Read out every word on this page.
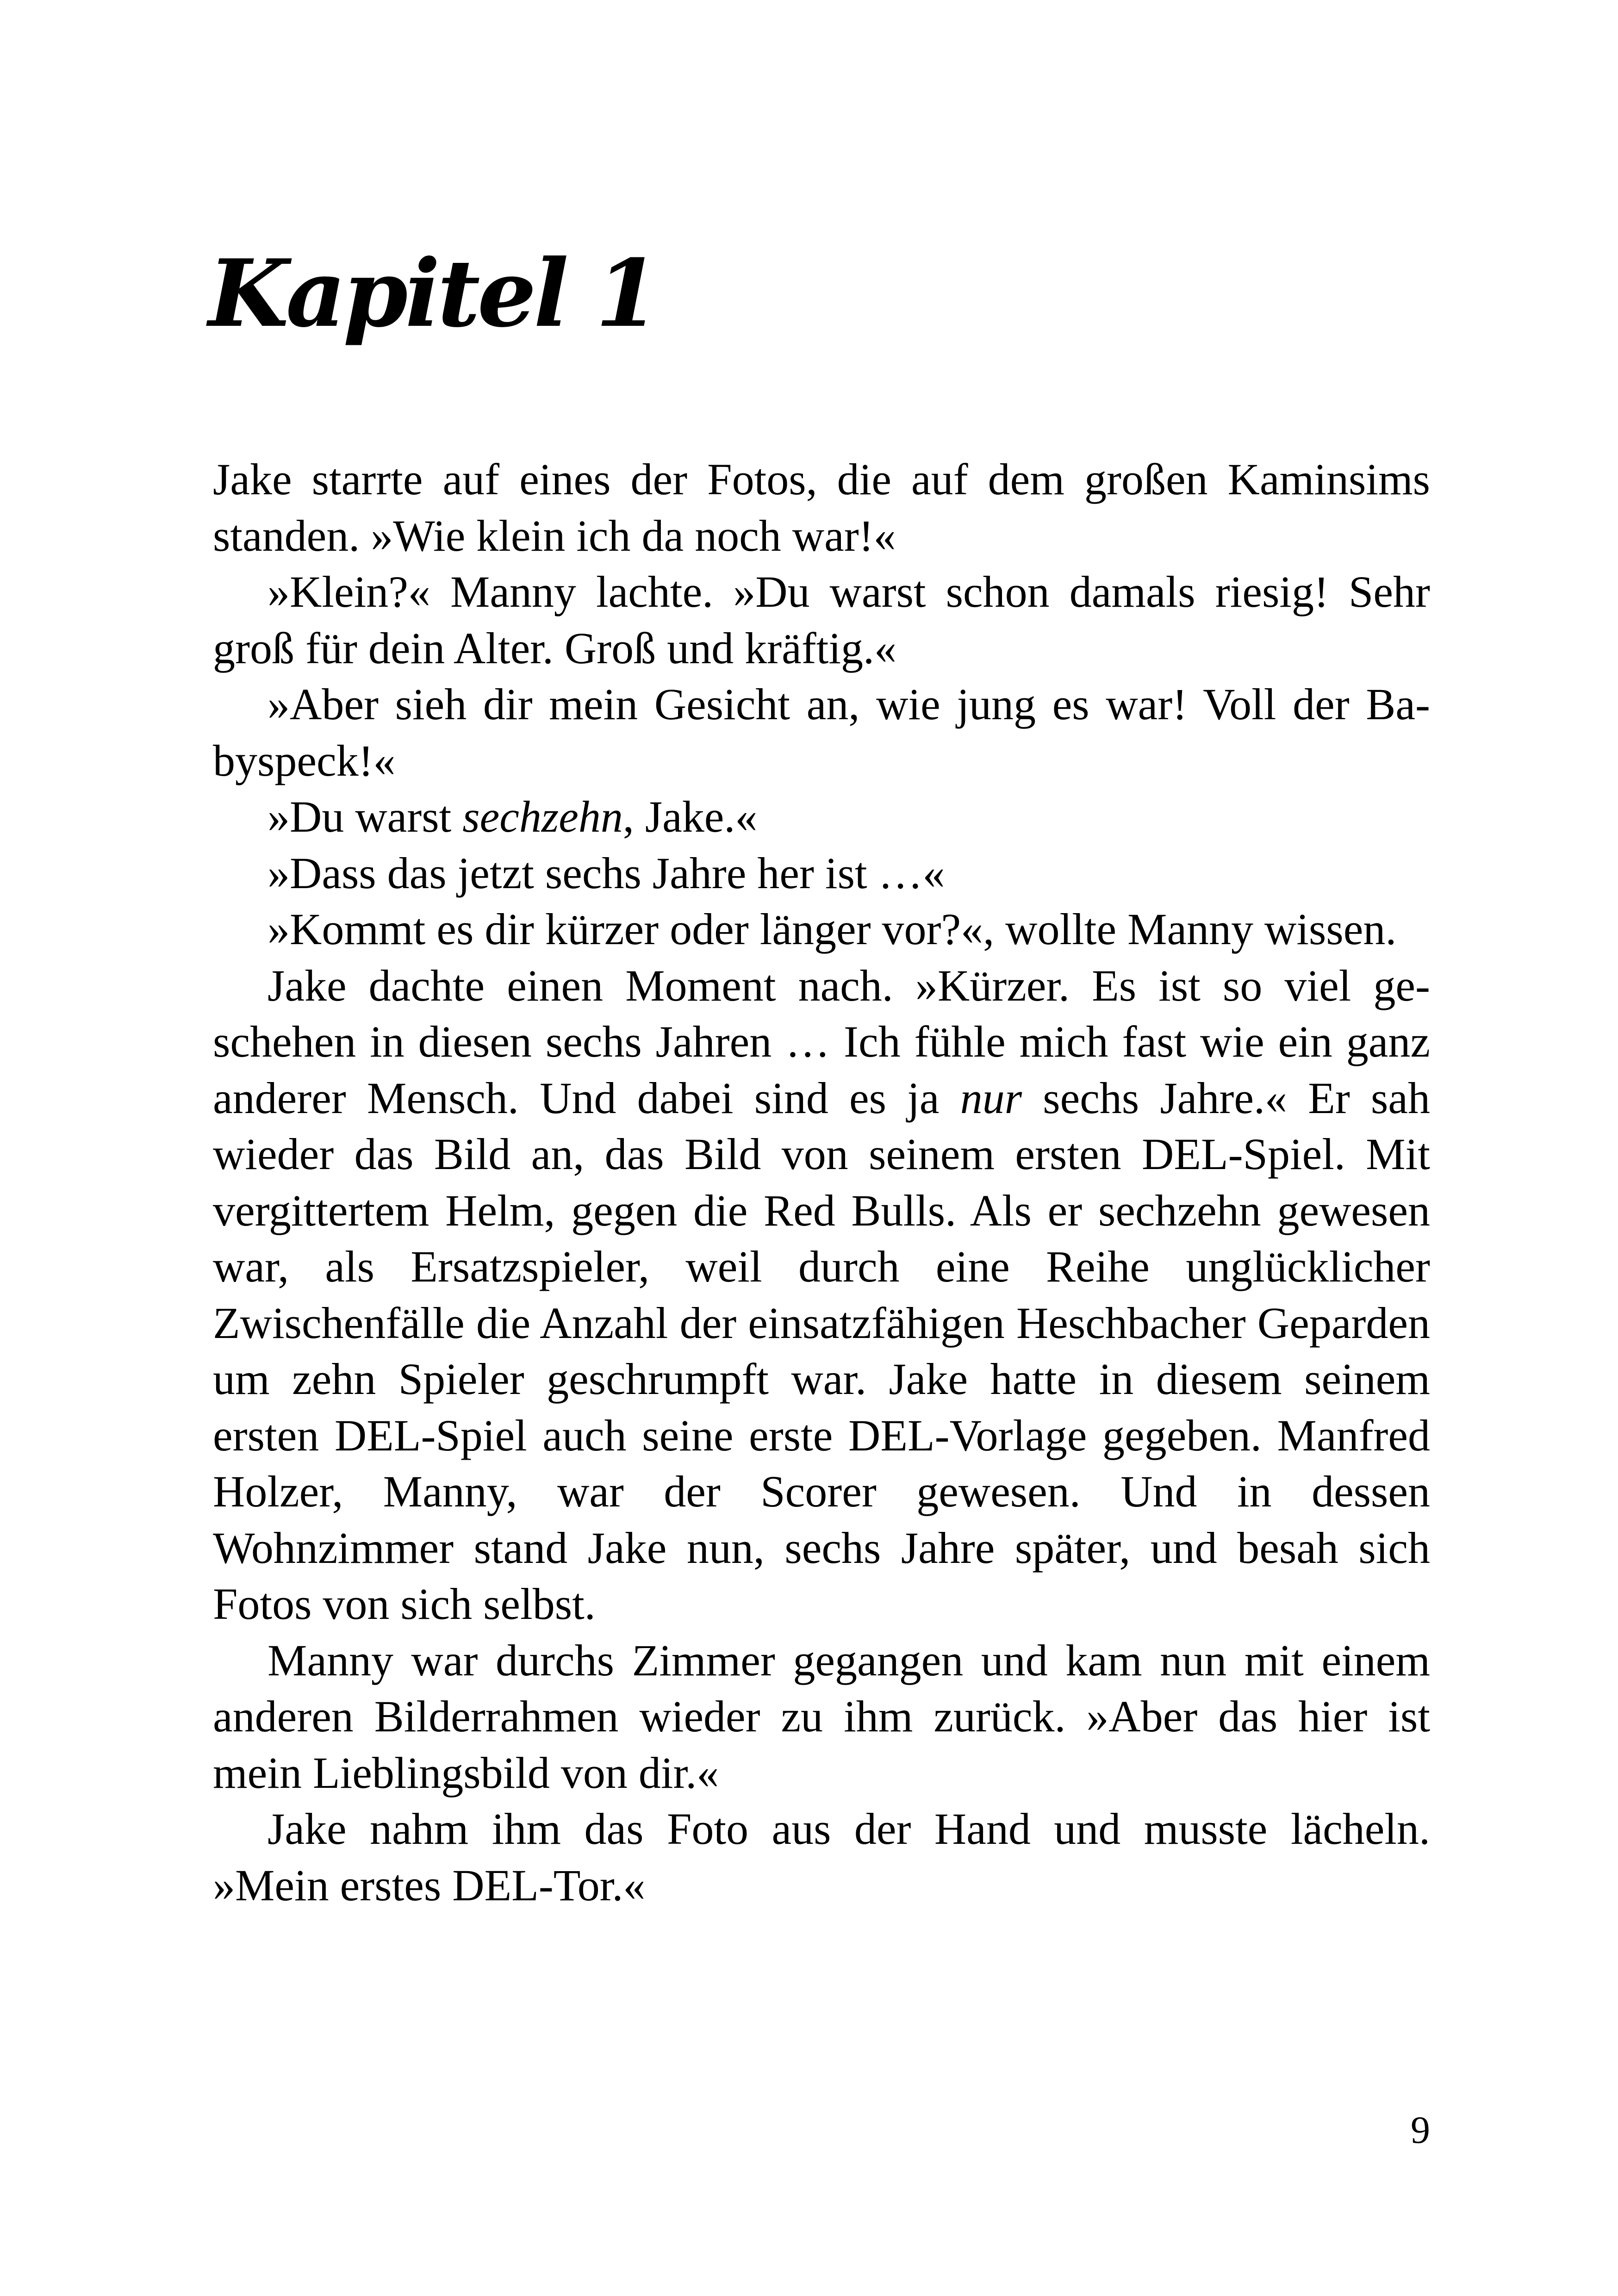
Kapitel 1

Jake starrte auf eines der Fotos, die auf dem großen Kaminsims standen. »Wie klein ich da noch war!«

»Klein?« Manny lachte. »Du warst schon damals riesig! Sehr groß für dein Alter. Groß und kräftig.«

»Aber sieh dir mein Gesicht an, wie jung es war! Voll der Babyspeck!«

»Du warst sechzehn, Jake.«

»Dass das jetzt sechs Jahre her ist …«

»Kommt es dir kürzer oder länger vor?«, wollte Manny wissen.

Jake dachte einen Moment nach. »Kürzer. Es ist so viel geschehen in diesen sechs Jahren … Ich fühle mich fast wie ein ganz anderer Mensch. Und dabei sind es ja nur sechs Jahre.« Er sah wieder das Bild an, das Bild von seinem ersten DEL-Spiel. Mit vergittertem Helm, gegen die Red Bulls. Als er sechzehn gewesen war, als Ersatzspieler, weil durch eine Reihe unglücklicher Zwischenfälle die Anzahl der einsatzfähigen Heschbacher Geparden um zehn Spieler geschrumpft war. Jake hatte in diesem seinem ersten DEL-Spiel auch seine erste DEL-Vorlage gegeben. Manfred Holzer, Manny, war der Scorer gewesen. Und in dessen Wohnzimmer stand Jake nun, sechs Jahre später, und besah sich Fotos von sich selbst.

Manny war durchs Zimmer gegangen und kam nun mit einem anderen Bilderrahmen wieder zu ihm zurück. »Aber das hier ist mein Lieblingsbild von dir.«

Jake nahm ihm das Foto aus der Hand und musste lächeln. »Mein erstes DEL-Tor.«

9
